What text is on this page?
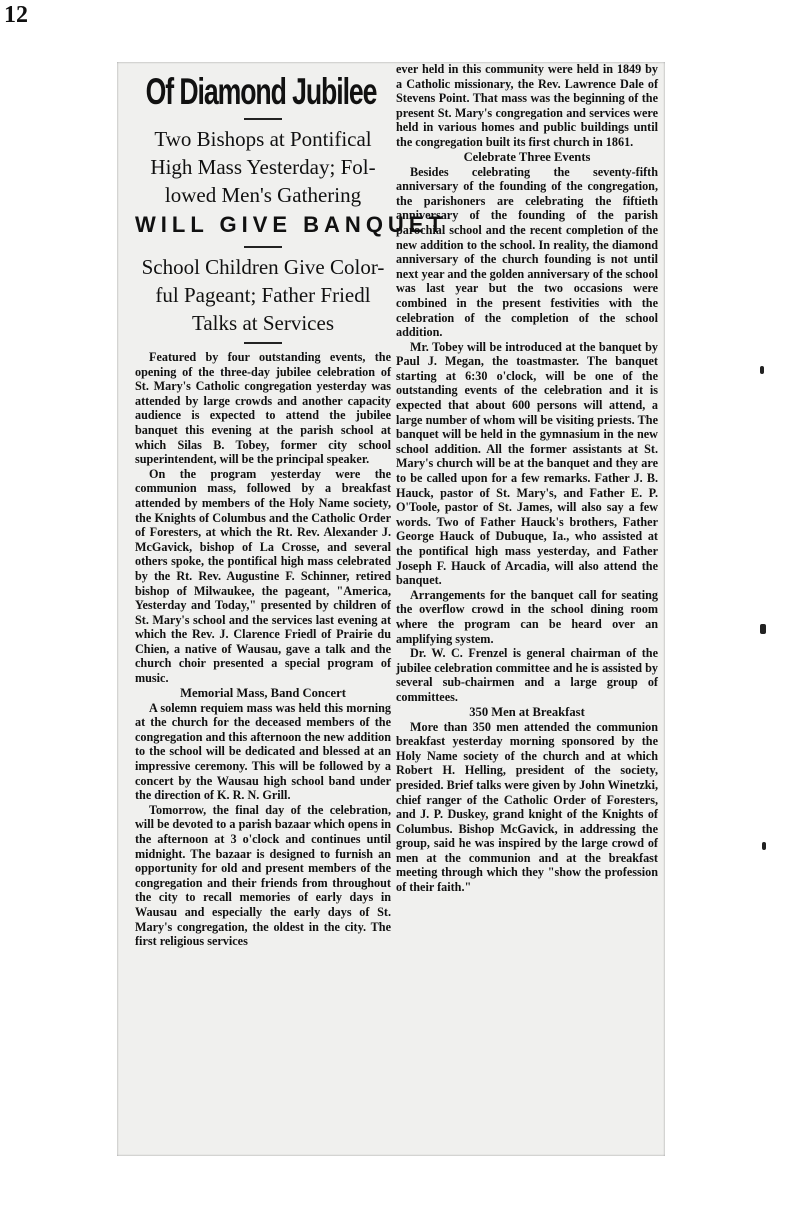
12
Of Diamond Jubilee
Two Bishops at Pontifical
High Mass Yesterday; Fol-
lowed Men's Gathering
WILL GIVE BANQUET
School Children Give Color-
ful Pageant; Father Friedl
Talks at Services

Featured by four outstanding events, the opening of the three-day jubilee celebration of St. Mary's Catholic congregation yesterday was attended by large crowds and another capacity audience is expected to attend the jubilee banquet this evening at the parish school at which Silas B. Tobey, former city school superintendent, will be the principal speaker.

On the program yesterday were the communion mass, followed by a breakfast attended by members of the Holy Name society, the Knights of Columbus and the Catholic Order of Foresters, at which the Rt. Rev. Alexander J. McGavick, bishop of La Crosse, and several others spoke, the pontifical high mass celebrated by the Rt. Rev. Augustine F. Schinner, retired bishop of Milwaukee, the pageant, "America, Yesterday and Today," presented by children of St. Mary's school and the services last evening at which the Rev. J. Clarence Friedl of Prairie du Chien, a native of Wausau, gave a talk and the church choir presented a special program of music.

Memorial Mass, Band Concert

A solemn requiem mass was held this morning at the church for the deceased members of the congregation and this afternoon the new addition to the school will be dedicated and blessed at an impressive ceremony. This will be followed by a concert by the Wausau high school band under the direction of K. R. N. Grill.

Tomorrow, the final day of the celebration, will be devoted to a parish bazaar which opens in the afternoon at 3 o'clock and continues until midnight. The bazaar is designed to furnish an opportunity for old and present members of the congregation and their friends from throughout the city to recall memories of early days in Wausau and especially the early days of St. Mary's congregation, the oldest in the city. The first religious services

ever held in this community were held in 1849 by a Catholic missionary, the Rev. Lawrence Dale of Stevens Point. That mass was the beginning of the present St. Mary's congregation and services were held in various homes and public buildings until the congregation built its first church in 1861.

Celebrate Three Events

Besides celebrating the seventy-fifth anniversary of the founding of the congregation, the parishoners are celebrating the fiftieth anniversary of the founding of the parish parochial school and the recent completion of the new addition to the school. In reality, the diamond anniversary of the church founding is not until next year and the golden anniversary of the school was last year but the two occasions were combined in the present festivities with the celebration of the completion of the school addition.

Mr. Tobey will be introduced at the banquet by Paul J. Megan, the toastmaster. The banquet starting at 6:30 o'clock, will be one of the outstanding events of the celebration and it is expected that about 600 persons will attend, a large number of whom will be visiting priests. The banquet will be held in the gymnasium in the new school addition. All the former assistants at St. Mary's church will be at the banquet and they are to be called upon for a few remarks. Father J. B. Hauck, pastor of St. Mary's, and Father E. P. O'Toole, pastor of St. James, will also say a few words. Two of Father Hauck's brothers, Father George Hauck of Dubuque, Ia., who assisted at the pontifical high mass yesterday, and Father Joseph F. Hauck of Arcadia, will also attend the banquet.

Arrangements for the banquet call for seating the overflow crowd in the school dining room where the program can be heard over an amplifying system.

Dr. W. C. Frenzel is general chairman of the jubilee celebration committee and he is assisted by several sub-chairmen and a large group of committees.

350 Men at Breakfast

More than 350 men attended the communion breakfast yesterday morning sponsored by the Holy Name society of the church and at which Robert H. Helling, president of the society, presided. Brief talks were given by John Winetzki, chief ranger of the Catholic Order of Foresters, and J. P. Duskey, grand knight of the Knights of Columbus. Bishop McGavick, in addressing the group, said he was inspired by the large crowd of men at the communion and at the breakfast meeting through which they "show the profession of their faith."
